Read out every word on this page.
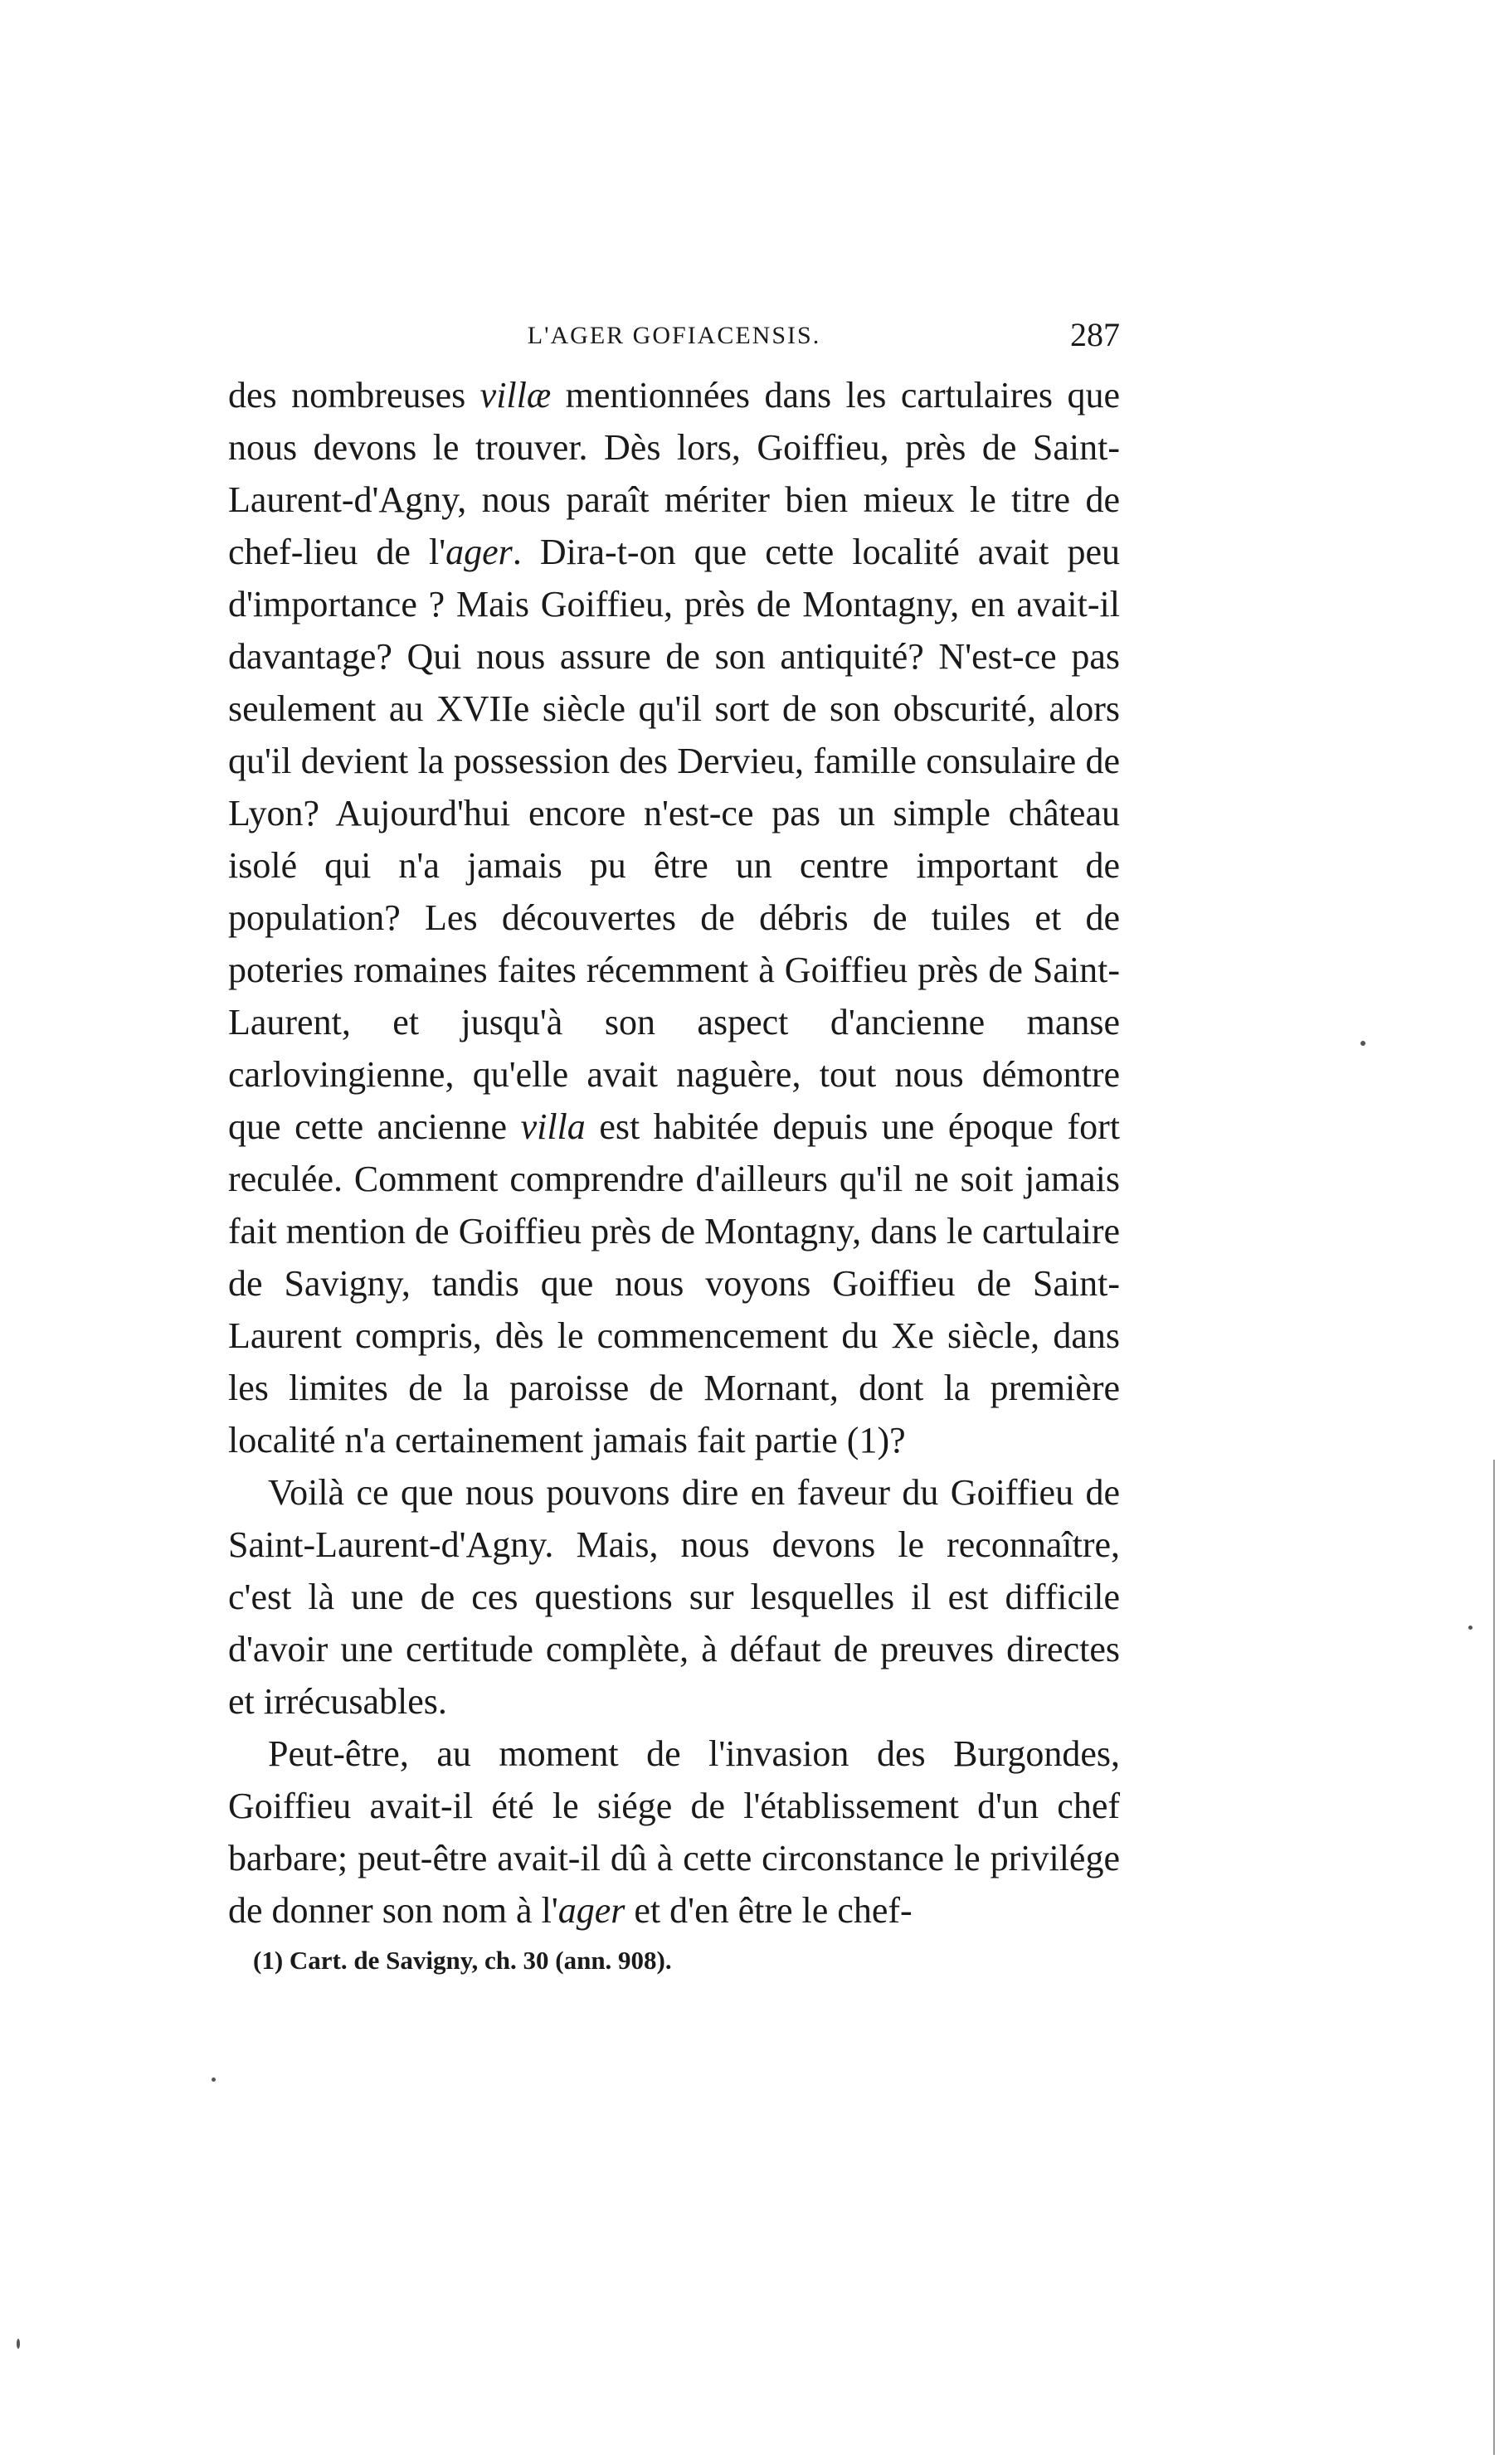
L'AGER GOFIACENSIS.	287

des nombreuses villæ mentionnées dans les cartulaires que nous devons le trouver. Dès lors, Goiffieu, près de Saint-Laurent-d'Agny, nous paraît mériter bien mieux le titre de chef-lieu de l'ager. Dira-t-on que cette localité avait peu d'importance ? Mais Goiffieu, près de Montagny, en avait-il davantage? Qui nous assure de son antiquité? N'est-ce pas seulement au XVIIe siècle qu'il sort de son obscurité, alors qu'il devient la possession des Dervieu, famille consulaire de Lyon? Aujourd'hui encore n'est-ce pas un simple château isolé qui n'a jamais pu être un centre important de population? Les découvertes de débris de tuiles et de poteries romaines faites récemment à Goiffieu près de Saint-Laurent, et jusqu'à son aspect d'ancienne manse carlovingienne, qu'elle avait naguère, tout nous démontre que cette ancienne villa est habitée depuis une époque fort reculée. Comment comprendre d'ailleurs qu'il ne soit jamais fait mention de Goiffieu près de Montagny, dans le cartulaire de Savigny, tandis que nous voyons Goiffieu de Saint-Laurent compris, dès le commencement du Xe siècle, dans les limites de la paroisse de Mornant, dont la première localité n'a certainement jamais fait partie (1)?

Voilà ce que nous pouvons dire en faveur du Goiffieu de Saint-Laurent-d'Agny. Mais, nous devons le reconnaître, c'est là une de ces questions sur lesquelles il est difficile d'avoir une certitude complète, à défaut de preuves directes et irrécusables.

Peut-être, au moment de l'invasion des Burgondes, Goiffieu avait-il été le siége de l'établissement d'un chef barbare; peut-être avait-il dû à cette circonstance le privilége de donner son nom à l'ager et d'en être le chef-

(1) Cart. de Savigny, ch. 30 (ann. 908).
